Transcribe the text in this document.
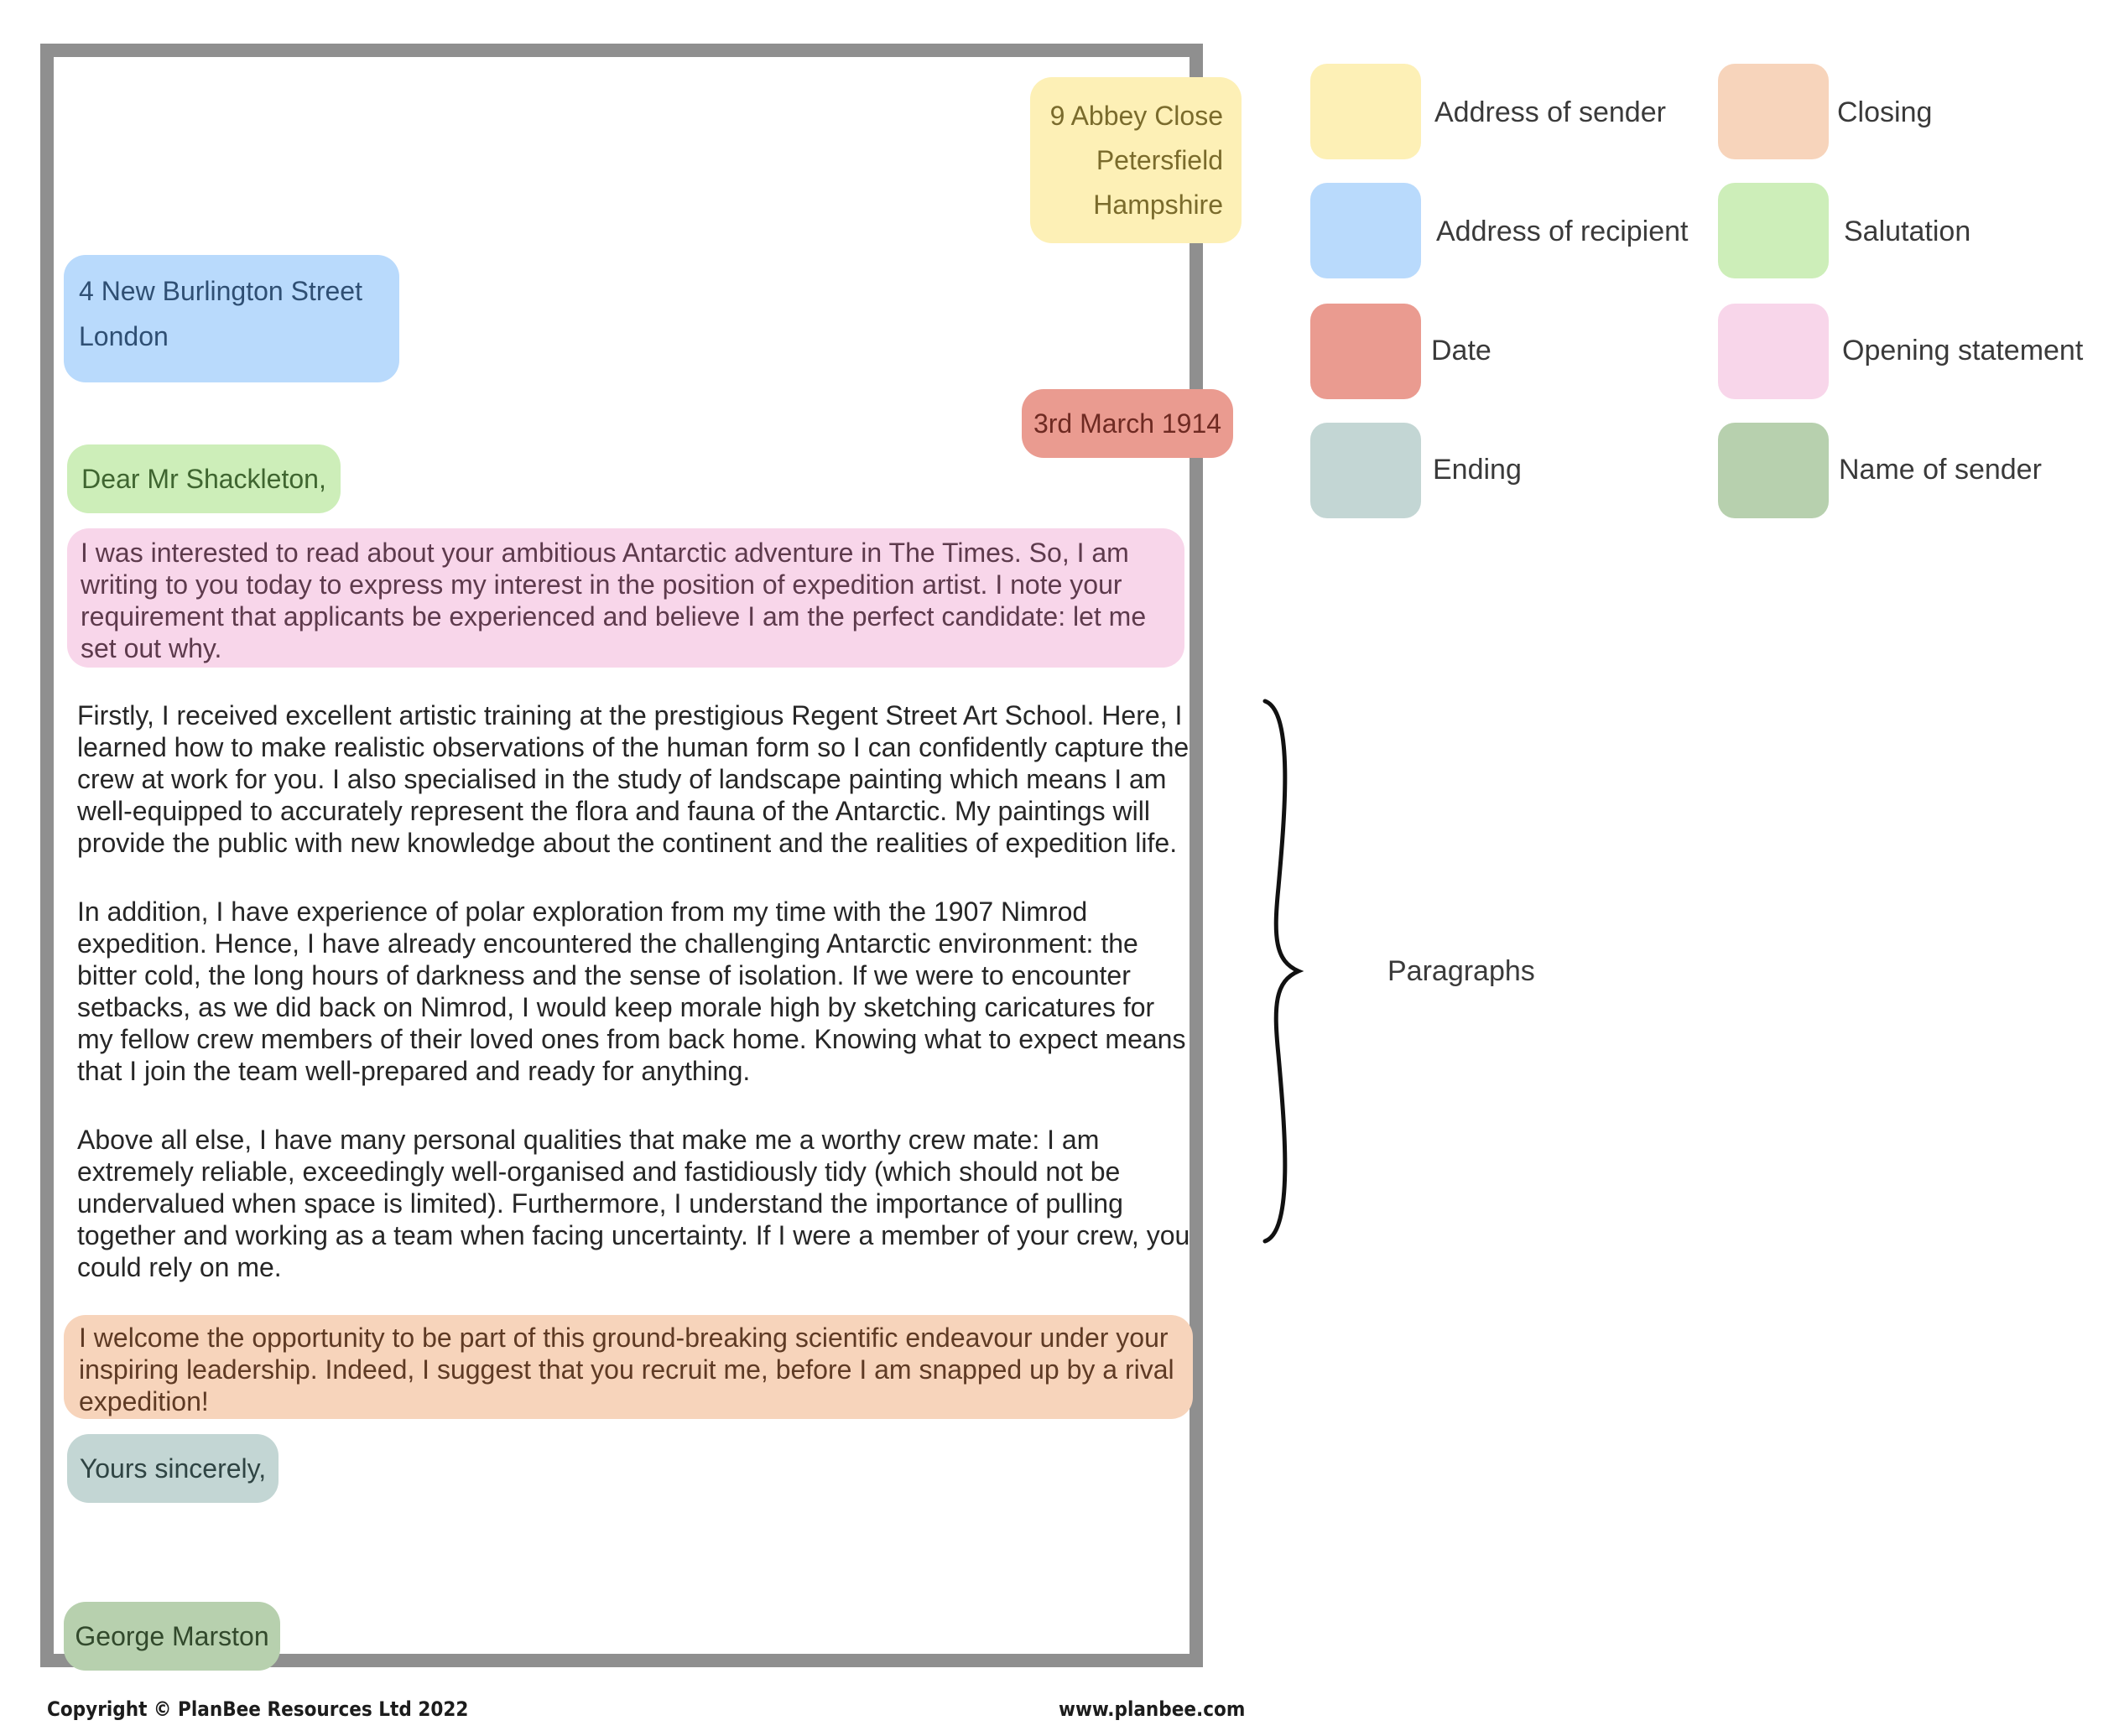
9 Abbey Close
Petersfield
Hampshire
4 New Burlington Street
London
3rd March 1914
Dear Mr Shackleton,
I was interested to read about your ambitious Antarctic adventure in The Times. So, I am writing to you today to express my interest in the position of expedition artist. I note your requirement that applicants be experienced and believe I am the perfect candidate: let me set out why.
Firstly, I received excellent artistic training at the prestigious Regent Street Art School. Here, I learned how to make realistic observations of the human form so I can confidently capture the crew at work for you. I also specialised in the study of landscape painting which means I am well-equipped to accurately represent the flora and fauna of the Antarctic. My paintings will provide the public with new knowledge about the continent and the realities of expedition life.
In addition, I have experience of polar exploration from my time with the 1907 Nimrod expedition. Hence, I have already encountered the challenging Antarctic environment: the bitter cold, the long hours of darkness and the sense of isolation. If we were to encounter setbacks, as we did back on Nimrod, I would keep morale high by sketching caricatures for my fellow crew members of their loved ones from back home. Knowing what to expect means that I join the team well-prepared and ready for anything.
Above all else, I have many personal qualities that make me a worthy crew mate: I am extremely reliable, exceedingly well-organised and fastidiously tidy (which should not be undervalued when space is limited). Furthermore, I understand the importance of pulling together and working as a team when facing uncertainty. If I were a member of your crew, you could rely on me.
I welcome the opportunity to be part of this ground-breaking scientific endeavour under your inspiring leadership. Indeed, I suggest that you recruit me, before I am snapped up by a rival expedition!
Yours sincerely,
George Marston
Copyright © PlanBee Resources Ltd 2022	www.planbee.com
Address of sender
Address of recipient
Date
Ending
Closing
Salutation
Opening statement
Name of sender
Paragraphs
